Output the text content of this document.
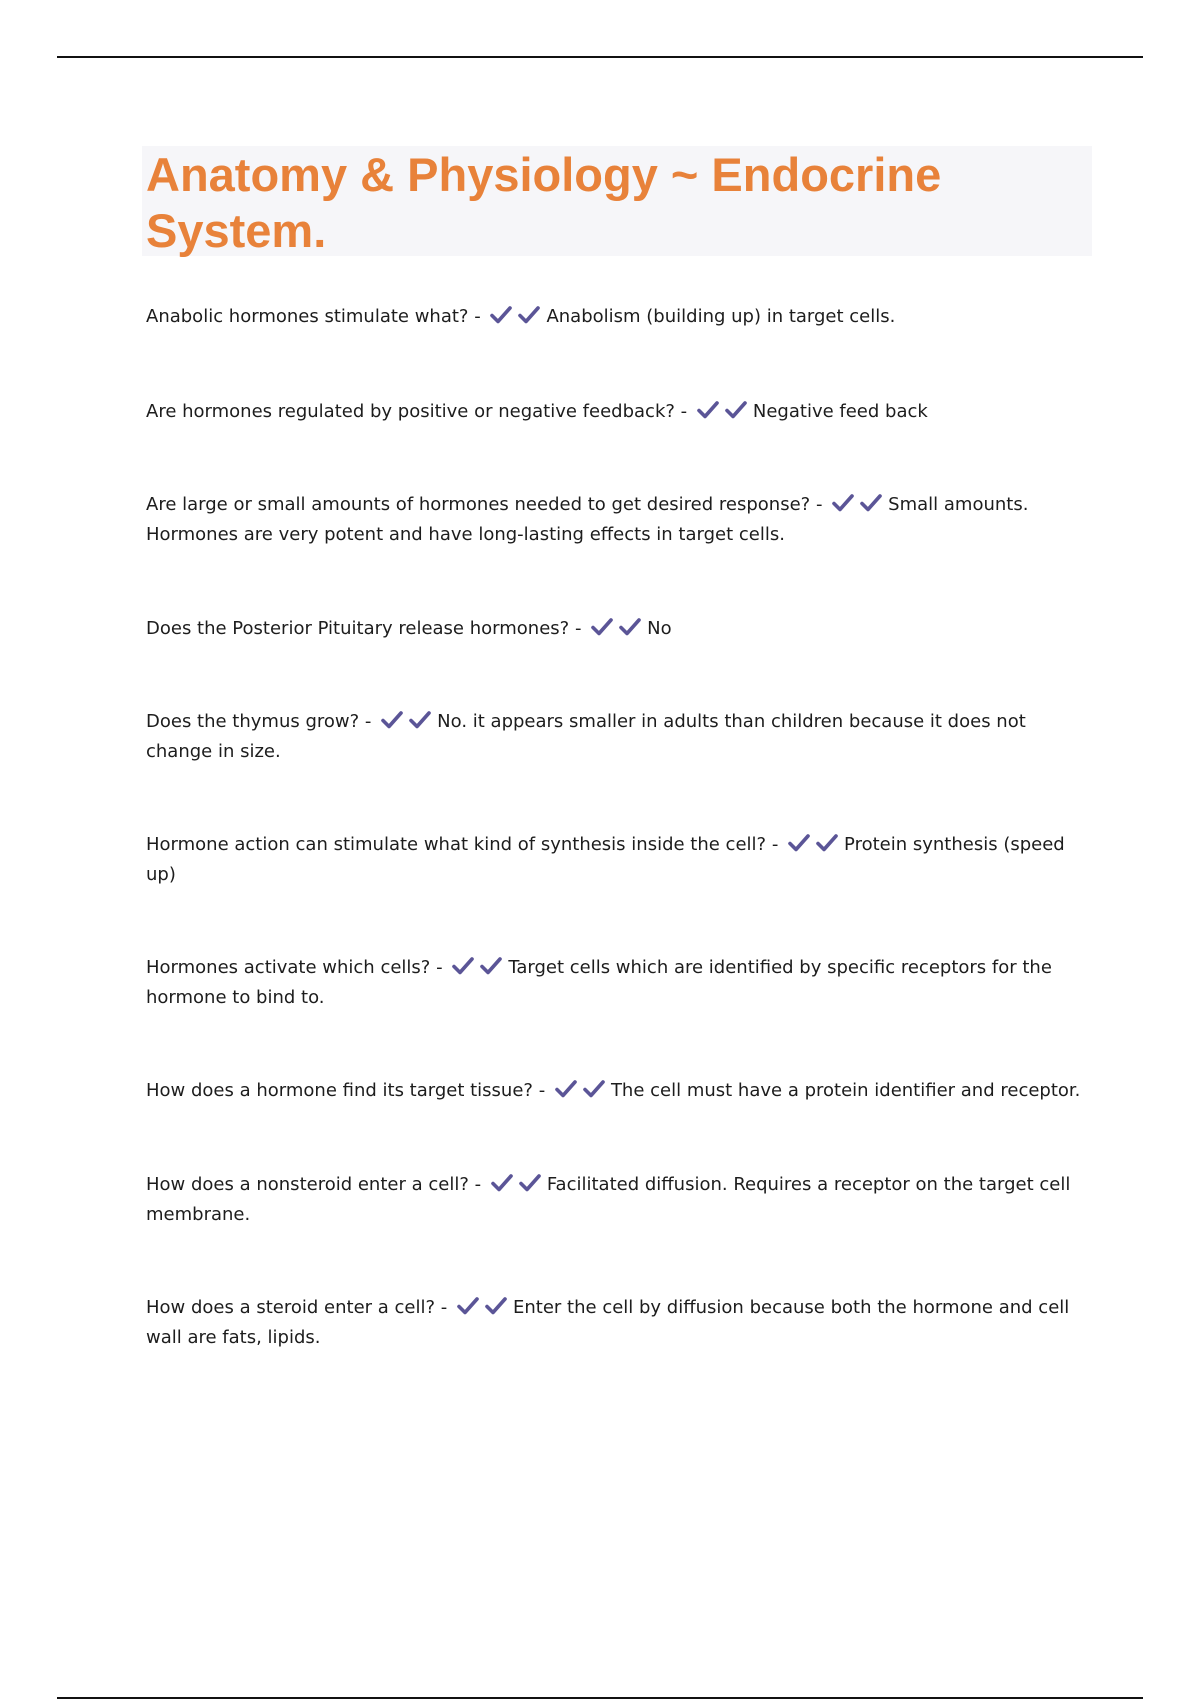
Anatomy & Physiology ~ Endocrine System.

Anabolic hormones stimulate what? -	Anabolism (building up) in target cells.

Are hormones regulated by positive or negative feedback? -	Negative feed back

Are large or small amounts of hormones needed to get desired response? -	Small amounts. Hormones are very potent and have long-lasting effects in target cells.

Does the Posterior Pituitary release hormones? -	No

Does the thymus grow? -	No. it appears smaller in adults than children because it does not change in size.

Hormone action can stimulate what kind of synthesis inside the cell? -	Protein synthesis (speed up)

Hormones activate which cells? -	Target cells which are identified by specific receptors for the hormone to bind to.

How does a hormone find its target tissue? -	The cell must have a protein identifier and receptor.

How does a nonsteroid enter a cell? -	Facilitated diffusion. Requires a receptor on the target cell membrane.

How does a steroid enter a cell? -	Enter the cell by diffusion because both the hormone and cell wall are fats, lipids.
